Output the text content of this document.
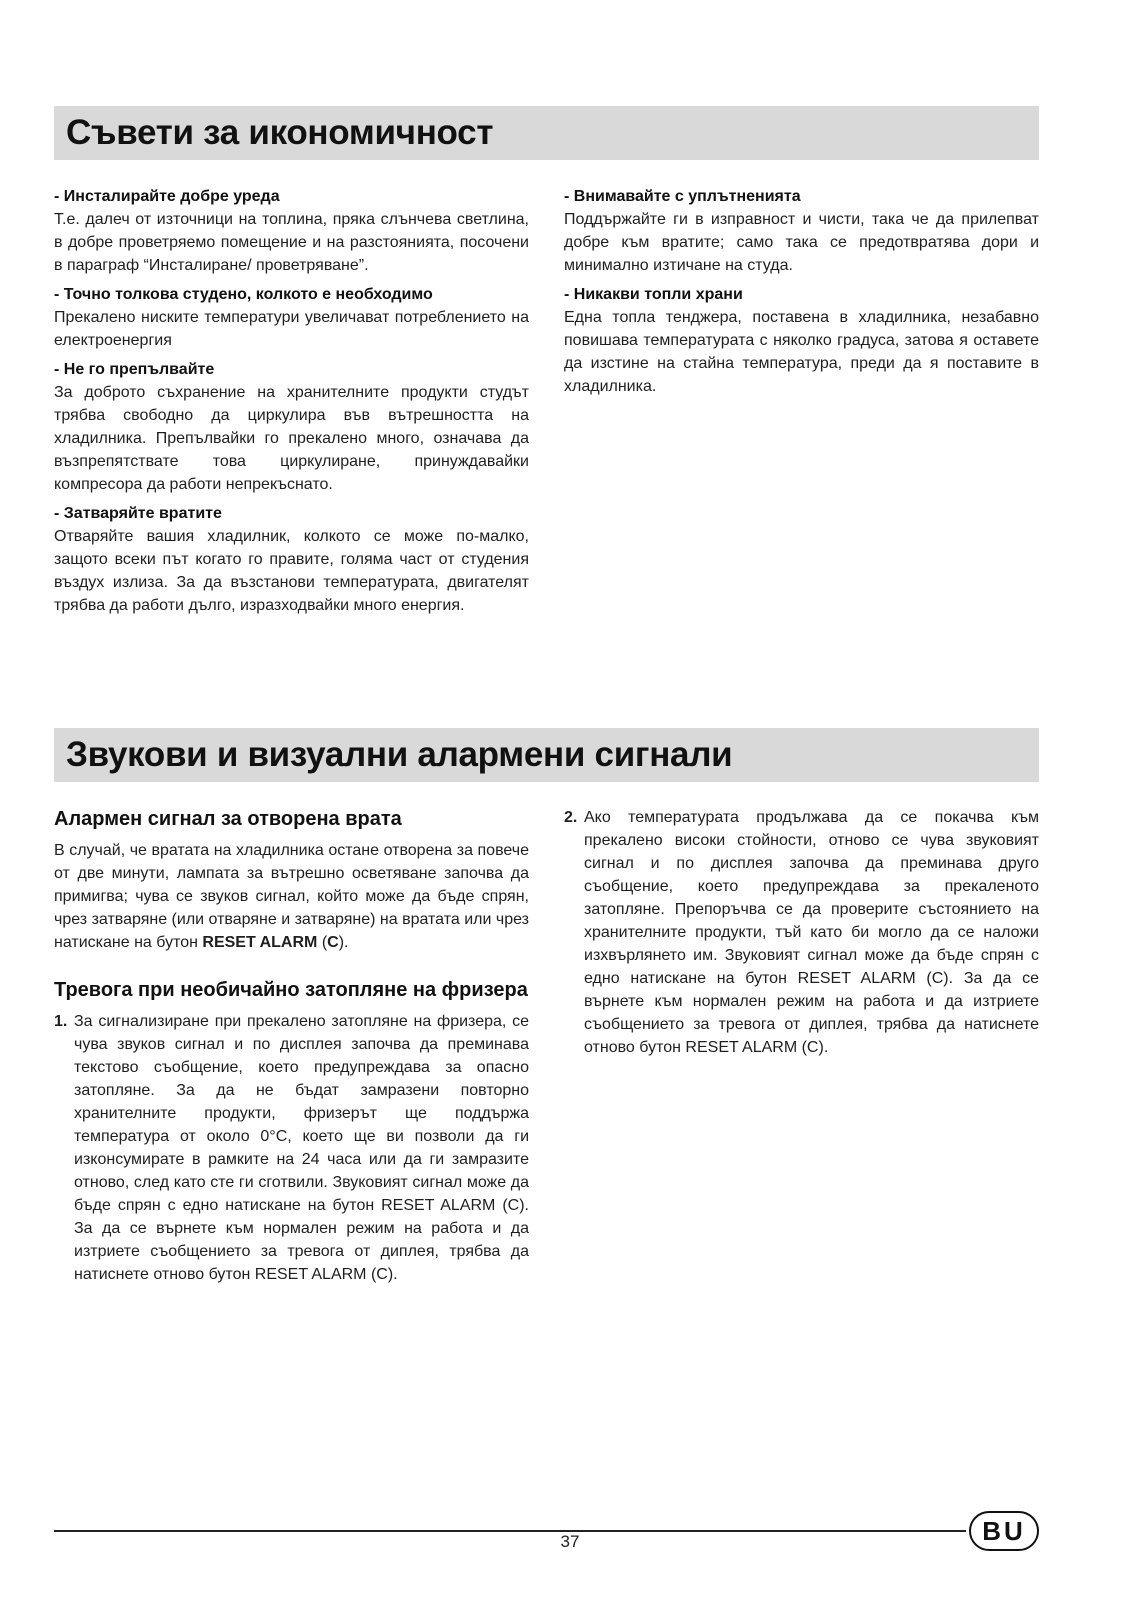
Съвети за икономичност
- Инсталирайте добре уреда

Т.е. далеч от източници на топлина, пряка слънчева светлина, в добре проветряемо помещение и на разстоянията, посочени в параграф “Инсталиране/ проветряване”.

- Точно толкова студено, колкото е необходимо

Прекалено ниските температури увеличават потреблението на електроенергия

- Не го препълвайте

За доброто съхранение на хранителните продукти студът трябва свободно да циркулира във вътрешността на хладилника. Препълвайки го прекалено много, означава да възпрепятствате това циркулиране, принуждавайки компресора да работи непрекъснато.

- Затваряйте вратите

Отваряйте вашия хладилник, колкото се може по-малко, защото всеки път когато го правите, голяма част от студения въздух излиза. За да възстанови температурата, двигателят трябва да работи дълго, изразходвайки много енергия.

- Внимавайте с уплътненията

Поддържайте ги в изправност и чисти, така че да прилепват добре към вратите; само така се предотвратява дори и минимално изтичане на студа.

- Никакви топли храни

Една топла тенджера, поставена в хладилника, незабавно повишава температурата с няколко градуса, затова я оставете да изстине на стайна температура, преди да я поставите в хладилника.

Звукови и визуални алармени сигнали
Алармен сигнал за отворена врата

В случай, че вратата на хладилника остане отворена за повече от две минути, лампата за вътрешно осветяване започва да примигва; чува се звуков сигнал, който може да бъде спрян, чрез затваряне (или отваряне и затваряне) на вратата или чрез натискане на бутон RESET ALARM (C).

Тревога при необичайно затопляне на фризера
1. За сигнализиране при прекалено затопляне на фризера, се чува звуков сигнал и по дисплея започва да преминава текстово съобщение, което предупреждава за опасно затопляне. За да не бъдат замразени повторно хранителните продукти, фризерът ще поддържа температура от около 0°C, което ще ви позволи да ги изконсумирате в рамките на 24 часа или да ги замразите отново, след като сте ги сготвили. Звуковият сигнал може да бъде спрян с едно натискане на бутон RESET ALARM (C). За да се върнете към нормален режим на работа и да изтриете съобщението за тревога от диплея, трябва да натиснете отново бутон RESET ALARM (C).

2. Ако температурата продължава да се покачва към прекалено високи стойности, отново се чува звуковият сигнал и по дисплея започва да преминава друго съобщение, което предупреждава за прекаленото затопляне. Препоръчва се да проверите състоянието на хранителните продукти, тъй като би могло да се наложи изхвърлянето им. Звуковият сигнал може да бъде спрян с едно натискане на бутон RESET ALARM (C). За да се върнете към нормален режим на работа и да изтриете съобщението за тревога от диплея, трябва да натиснете отново бутон RESET ALARM (C).

37	BU
